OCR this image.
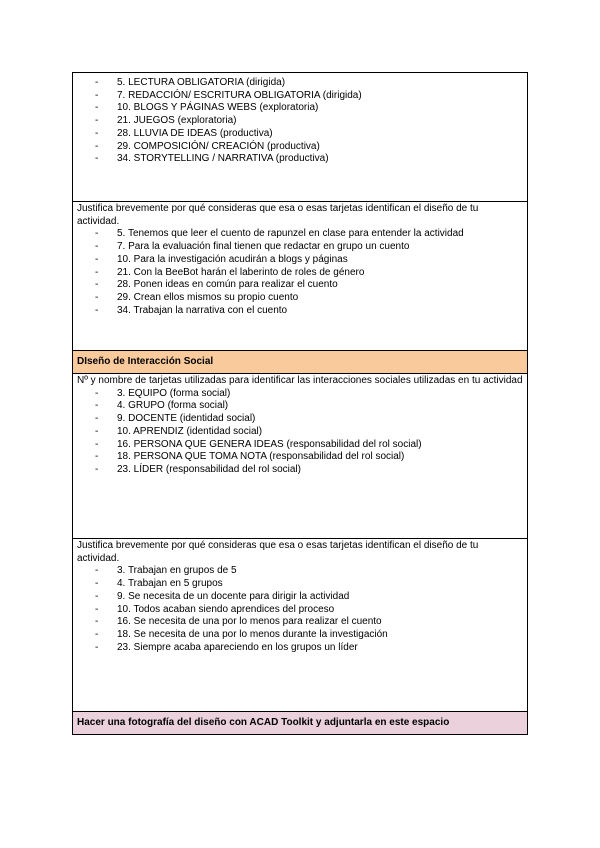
- 5. LECTURA OBLIGATORIA (dirigida)
- 7. REDACCIÓN/ ESCRITURA OBLIGATORIA (dirigida)
- 10. BLOGS Y PÁGINAS WEBS (exploratoria)
- 21. JUEGOS (exploratoria)
- 28. LLUVIA DE IDEAS (productiva)
- 29. COMPOSICIÓN/ CREACIÓN (productiva)
- 34. STORYTELLING / NARRATIVA (productiva)
Justifica brevemente por qué consideras que esa o esas tarjetas identifican el diseño de tu actividad.
- 5. Tenemos que leer el cuento de rapunzel en clase para entender la actividad
- 7. Para la evaluación final tienen que redactar en grupo un cuento
- 10. Para la investigación acudirán a blogs y páginas
- 21. Con la BeeBot harán el laberinto de roles de género
- 28. Ponen ideas en común para realizar el cuento
- 29. Crean ellos mismos su propio cuento
- 34. Trabajan la narrativa con el cuento
DIseño de Interacción Social
Nº y nombre de tarjetas utilizadas para identificar las interacciones sociales utilizadas en tu actividad
- 3. EQUIPO (forma social)
- 4. GRUPO (forma social)
- 9. DOCENTE (identidad social)
- 10. APRENDIZ (identidad social)
- 16. PERSONA QUE GENERA IDEAS (responsabilidad del rol social)
- 18. PERSONA QUE TOMA NOTA (responsabilidad del rol social)
- 23. LÍDER (responsabilidad del rol social)
Justifica brevemente por qué consideras que esa o esas tarjetas identifican el diseño de tu actividad.
- 3. Trabajan en grupos de 5
- 4. Trabajan en 5 grupos
- 9. Se necesita de un docente para dirigir la actividad
- 10. Todos acaban siendo aprendices del proceso
- 16. Se necesita de una por lo menos para realizar el cuento
- 18. Se necesita de una por lo menos durante la investigación
- 23. Siempre acaba apareciendo en los grupos un líder
Hacer una fotografía del diseño con ACAD Toolkit y adjuntarla en este espacio
